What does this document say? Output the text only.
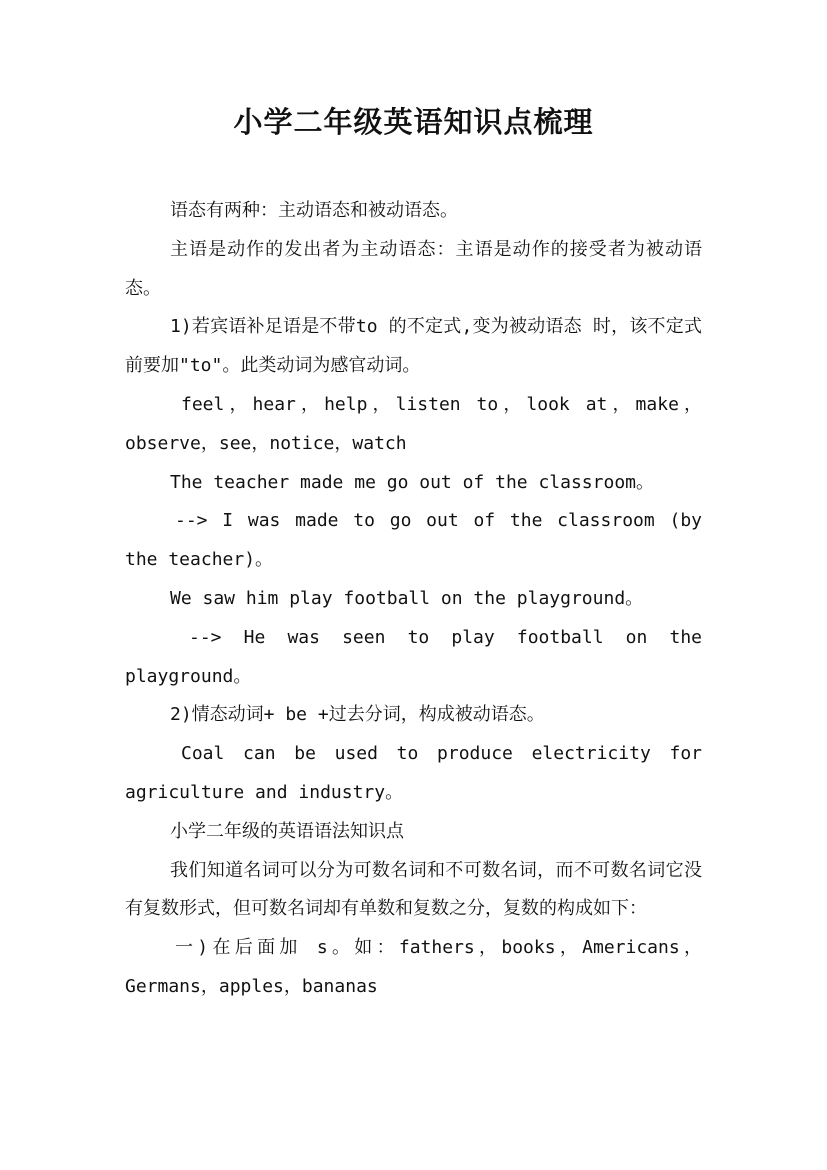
小学二年级英语知识点梳理

语态有两种：主动语态和被动语态。

主语是动作的发出者为主动语态：主语是动作的接受者为被动语态。

1)若宾语补足语是不带to 的不定式,变为被动语态 时，该不定式前要加"to"。此类动词为感官动词。

feel，hear，help，listen to，look at，make，observe，see，notice，watch

The teacher made me go out of the classroom。

--> I was made to go out of the classroom (by the teacher)。

We saw him play football on the playground。

--> He was seen to play football on the playground。

2)情态动词+ be +过去分词，构成被动语态。

Coal can be used to produce electricity for agriculture and industry。

小学二年级的英语语法知识点

我们知道名词可以分为可数名词和不可数名词，而不可数名词它没有复数形式，但可数名词却有单数和复数之分，复数的构成如下：

一)在后面加 s。如：fathers，books，Americans，Germans，apples，bananas
